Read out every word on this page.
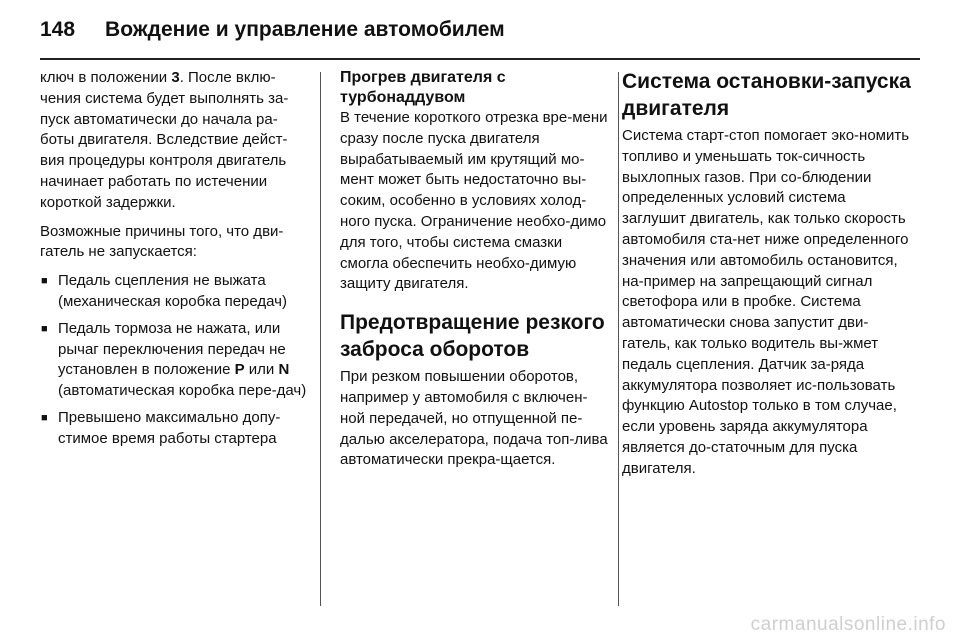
148 Вождение и управление автомобилем

ключ в положении 3. После вклю-чения система будет выполнять за-пуск автоматически до начала ра-боты двигателя. Вследствие дейст-вия процедуры контроля двигатель начинает работать по истечении короткой задержки.

Возможные причины того, что дви-гатель не запускается:

■ Педаль сцепления не выжата (механическая коробка передач)
■ Педаль тормоза не нажата, или рычаг переключения передач не установлен в положение P или N (автоматическая коробка пере-дач)
■ Превышено максимально допу-стимое время работы стартера
Прогрев двигателя с турбонаддувом

В течение короткого отрезка вре-мени сразу после пуска двигателя вырабатываемый им крутящий мо-мент может быть недостаточно вы-соким, особенно в условиях холод-ного пуска. Ограничение необхо-димо для того, чтобы система смазки смогла обеспечить необхо-димую защиту двигателя.

Предотвращение резкого заброса оборотов

При резком повышении оборотов, например у автомобиля с включен-ной передачей, но отпущенной пе-далью акселератора, подача топ-лива автоматически прекра-щается.

Система остановки-запуска двигателя

Система старт-стоп помогает эко-номить топливо и уменьшать ток-сичность выхлопных газов. При со-блюдении определенных условий система заглушит двигатель, как только скорость автомобиля ста-нет ниже определенного значения или автомобиль остановится, на-пример на запрещающий сигнал светофора или в пробке. Система автоматически снова запустит дви-гатель, как только водитель вы-жмет педаль сцепления. Датчик за-ряда аккумулятора позволяет ис-пользовать функцию Autostop только в том случае, если уровень заряда аккумулятора является до-статочным для пуска двигателя.

carmanualsonline.info
